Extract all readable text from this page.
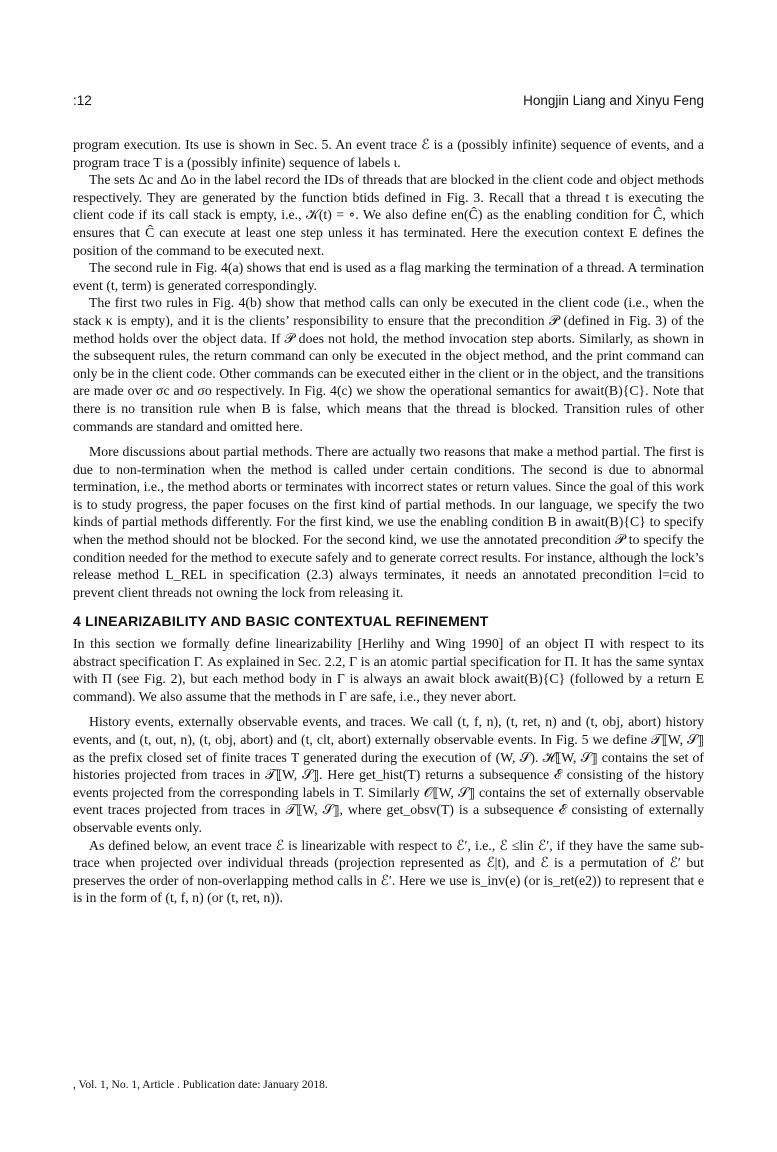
:12	Hongjin Liang and Xinyu Feng

program execution. Its use is shown in Sec. 5. An event trace ℰ is a (possibly infinite) sequence of events, and a program trace T is a (possibly infinite) sequence of labels ι.

The sets Δc and Δo in the label record the IDs of threads that are blocked in the client code and object methods respectively. They are generated by the function btids defined in Fig. 3. Recall that a thread t is executing the client code if its call stack is empty, i.e., 𝒦(t) = ∘. We also define en(Ĉ) as the enabling condition for Ĉ, which ensures that Ĉ can execute at least one step unless it has terminated. Here the execution context E defines the position of the command to be executed next.

The second rule in Fig. 4(a) shows that end is used as a flag marking the termination of a thread. A termination event (t, term) is generated correspondingly.

The first two rules in Fig. 4(b) show that method calls can only be executed in the client code (i.e., when the stack κ is empty), and it is the clients’ responsibility to ensure that the precondition 𝒫 (defined in Fig. 3) of the method holds over the object data. If 𝒫 does not hold, the method invocation step aborts. Similarly, as shown in the subsequent rules, the return command can only be executed in the object method, and the print command can only be in the client code. Other commands can be executed either in the client or in the object, and the transitions are made over σc and σo respectively. In Fig. 4(c) we show the operational semantics for await(B){C}. Note that there is no transition rule when B is false, which means that the thread is blocked. Transition rules of other commands are standard and omitted here.

More discussions about partial methods. There are actually two reasons that make a method partial. The first is due to non-termination when the method is called under certain conditions. The second is due to abnormal termination, i.e., the method aborts or terminates with incorrect states or return values. Since the goal of this work is to study progress, the paper focuses on the first kind of partial methods. In our language, we specify the two kinds of partial methods differently. For the first kind, we use the enabling condition B in await(B){C} to specify when the method should not be blocked. For the second kind, we use the annotated precondition 𝒫 to specify the condition needed for the method to execute safely and to generate correct results. For instance, although the lock’s release method L_REL in specification (2.3) always terminates, it needs an annotated precondition l=cid to prevent client threads not owning the lock from releasing it.

4 LINEARIZABILITY AND BASIC CONTEXTUAL REFINEMENT

In this section we formally define linearizability [Herlihy and Wing 1990] of an object Π with respect to its abstract specification Γ. As explained in Sec. 2.2, Γ is an atomic partial specification for Π. It has the same syntax with Π (see Fig. 2), but each method body in Γ is always an await block await(B){C} (followed by a return E command). We also assume that the methods in Γ are safe, i.e., they never abort.

History events, externally observable events, and traces. We call (t, f, n), (t, ret, n) and (t, obj, abort) history events, and (t, out, n), (t, obj, abort) and (t, clt, abort) externally observable events. In Fig. 5 we define 𝒯⟦W, 𝒮⟧ as the prefix closed set of finite traces T generated during the execution of (W, 𝒮). ℋ⟦W, 𝒮⟧ contains the set of histories projected from traces in 𝒯⟦W, 𝒮⟧. Here get_hist(T) returns a subsequence ℰ consisting of the history events projected from the corresponding labels in T. Similarly 𝒪⟦W, 𝒮⟧ contains the set of externally observable event traces projected from traces in 𝒯⟦W, 𝒮⟧, where get_obsv(T) is a subsequence ℰ consisting of externally observable events only.

As defined below, an event trace ℰ is linearizable with respect to ℰ′, i.e., ℰ ≤lin ℰ′, if they have the same sub-trace when projected over individual threads (projection represented as ℰ|t), and ℰ is a permutation of ℰ′ but preserves the order of non-overlapping method calls in ℰ′. Here we use is_inv(e) (or is_ret(e2)) to represent that e is in the form of (t, f, n) (or (t, ret, n)).

, Vol. 1, No. 1, Article . Publication date: January 2018.
